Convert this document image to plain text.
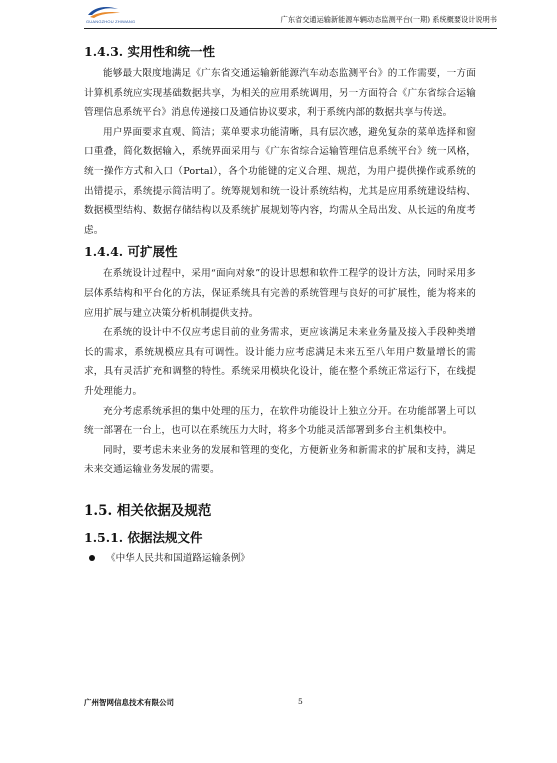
GUANGZHOU ZHIWANG	广东省交通运输新能源车辆动态监测平台(一期) 系统概要设计说明书
1.4.3. 实用性和统一性

能够最大限度地满足《广东省交通运输新能源汽车动态监测平台》的工作需要，一方面计算机系统应实现基础数据共享，为相关的应用系统调用，另一方面符合《广东省综合运输管理信息系统平台》消息传递接口及通信协议要求，利于系统内部的数据共享与传送。

用户界面要求直观、简洁；菜单要求功能清晰，具有层次感，避免复杂的菜单选择和窗口重叠，简化数据输入，系统界面采用与《广东省综合运输管理信息系统平台》统一风格，统一操作方式和入口（Portal），各个功能键的定义合理、规范，为用户提供操作或系统的出错提示，系统提示简洁明了。统筹规划和统一设计系统结构，尤其是应用系统建设结构、数据模型结构、数据存储结构以及系统扩展规划等内容，均需从全局出发、从长远的角度考虑。

1.4.4. 可扩展性

在系统设计过程中，采用“面向对象”的设计思想和软件工程学的设计方法，同时采用多层体系结构和平台化的方法，保证系统具有完善的系统管理与良好的可扩展性，能为将来的应用扩展与建立决策分析机制提供支持。

在系统的设计中不仅应考虑目前的业务需求，更应该满足未来业务量及接入手段种类增长的需求，系统规模应具有可调性。设计能力应考虑满足未来五至八年用户数量增长的需求，具有灵活扩充和调整的特性。系统采用模块化设计，能在整个系统正常运行下，在线提升处理能力。

充分考虑系统承担的集中处理的压力，在软件功能设计上独立分开。在功能部署上可以统一部署在一台上，也可以在系统压力大时，将多个功能灵活部署到多台主机集校中。

同时，要考虑未来业务的发展和管理的变化，方便新业务和新需求的扩展和支持，满足未来交通运输业务发展的需要。

1.5. 相关依据及规范
1.5.1. 依据法规文件
《中华人民共和国道路运输条例》
广州智网信息技术有限公司	5
